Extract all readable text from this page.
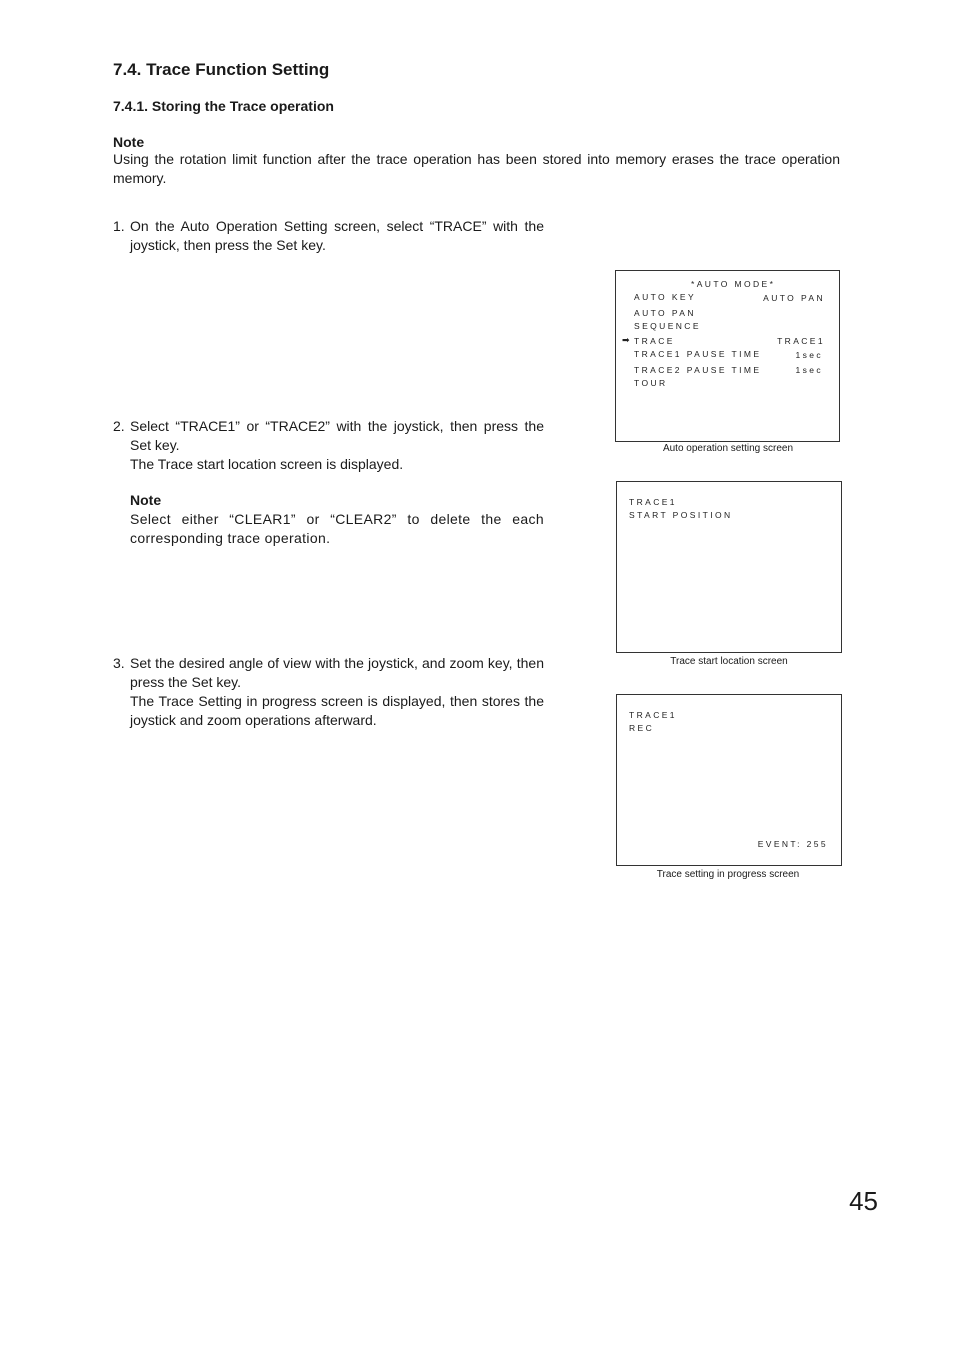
7.4. Trace Function Setting
7.4.1. Storing the Trace operation
Note
Using the rotation limit function after the trace operation has been stored into memory erases the trace operation memory.
1. On the Auto Operation Setting screen, select “TRACE” with the joystick, then press the Set key.

2. Select “TRACE1” or “TRACE2” with the joystick, then press the Set key.

The Trace start location screen is displayed.

Note

Select either “CLEAR1” or “CLEAR2” to delete the each corresponding trace operation.

3. Set the desired angle of view with the joystick, and zoom key, then press the Set key.

The Trace Setting in progress screen is displayed, then stores the joystick and zoom operations afterward.

*AUTO MODE*
AUTO KEY	AUTO PAN
AUTO PAN
SEQUENCE
➡ TRACE	TRACE1
TRACE1 PAUSE TIME	1sec
TRACE2 PAUSE TIME	1sec
TOUR
Auto operation setting screen
TRACE1
START POSITION
Trace start location screen
TRACE1
REC
EVENT: 255
Trace setting in progress screen
45
